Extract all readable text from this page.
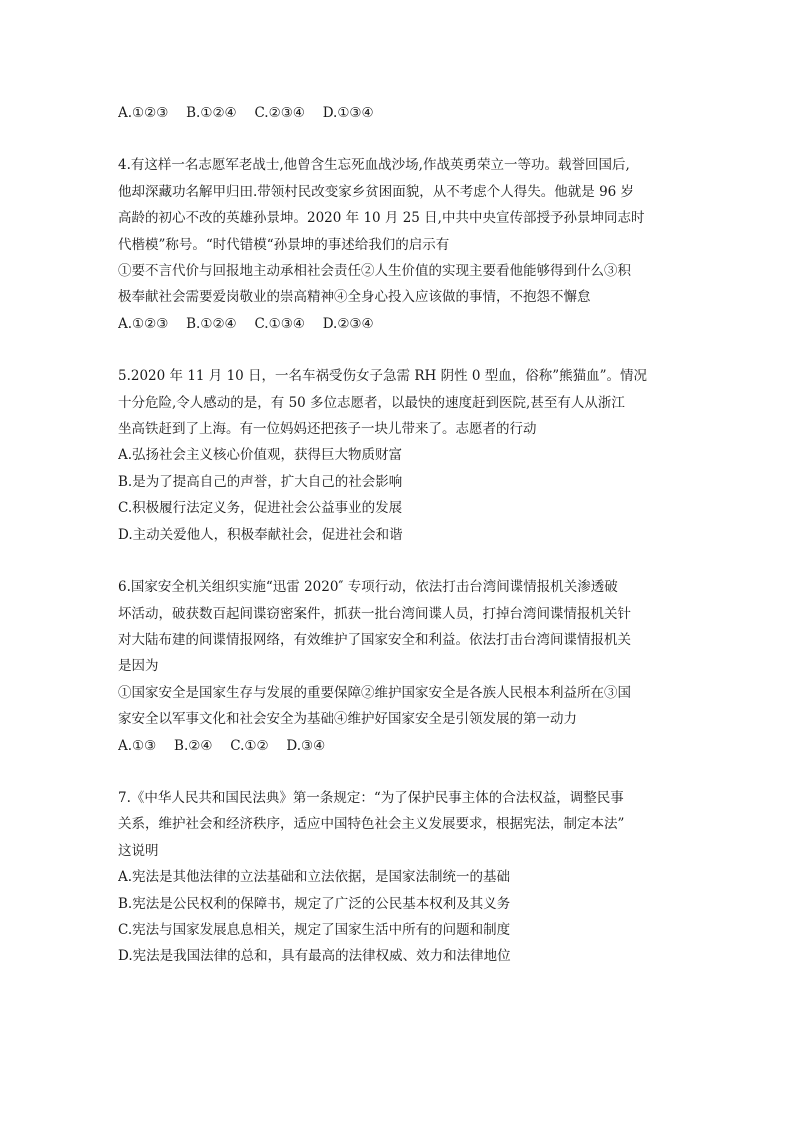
A.①②③　 B.①②④　 C.②③④　 D.①③④
4.有这样一名志愿军老战士,他曾含生忘死血战沙场,作战英勇荣立一等功。载誉回国后,
他却深藏功名解甲归田.带领村民改变家乡贫困面貌，从不考虑个人得失。他就是 96 岁
高龄的初心不改的英雄孙景坤。2020 年 10 月 25 日,中共中央宣传部授予孙景坤同志时
代楷模”称号。“时代错模“孙景坤的事述给我们的启示有
①要不言代价与回报地主动承相社会责任②人生价值的实现主要看他能够得到什么③积
极奉献社会需要爱岗敬业的崇高精神④全身心投入应该做的事情，不抱怨不懈怠
A.①②③　 B.①②④　 C.①③④　 D.②③④
5.2020 年 11 月 10 日，一名车祸受伤女子急需 RH 阴性 0 型血，俗称”熊猫血”。情况
十分危险,令人感动的是，有 50 多位志愿者，以最快的速度赶到医院,甚至有人从浙江
坐高铁赶到了上海。有一位妈妈还把孩子一块儿带来了。志愿者的行动
A.弘扬社会主义核心价值观，获得巨大物质财富
B.是为了提高自己的声誉，扩大自己的社会影响
C.积极履行法定义务，促进社会公益事业的发展
D.主动关爱他人，积极奉献社会，促进社会和谐
6.国家安全机关组织实施“迅雷 2020″ 专项行动，依法打击台湾间谍情报机关渗透破
坏活动，破获数百起间谍窃密案件，抓获一批台湾间谍人员，打掉台湾间谍情报机关针
对大陆布建的间谍情报网络，有效维护了国家安全和利益。依法打击台湾间谍情报机关
是因为
①国家安全是国家生存与发展的重要保障②维护国家安全是各族人民根本利益所在③国
家安全以军事文化和社会安全为基础④维护好国家安全是引领发展的第一动力
A.①③　 B.②④　 C.①②　 D.③④
7.《中华人民共和国民法典》第一条规定：“为了保护民事主体的合法权益，调整民事
关系，维护社会和经济秩序，适应中国特色社会主义发展要求，根据宪法，制定本法”
这说明
A.宪法是其他法律的立法基础和立法依据，是国家法制统一的基础
B.宪法是公民权利的保障书，规定了广泛的公民基本权利及其义务
C.宪法与国家发展息息相关，规定了国家生活中所有的问题和制度
D.宪法是我国法律的总和，具有最高的法律权威、效力和法律地位
